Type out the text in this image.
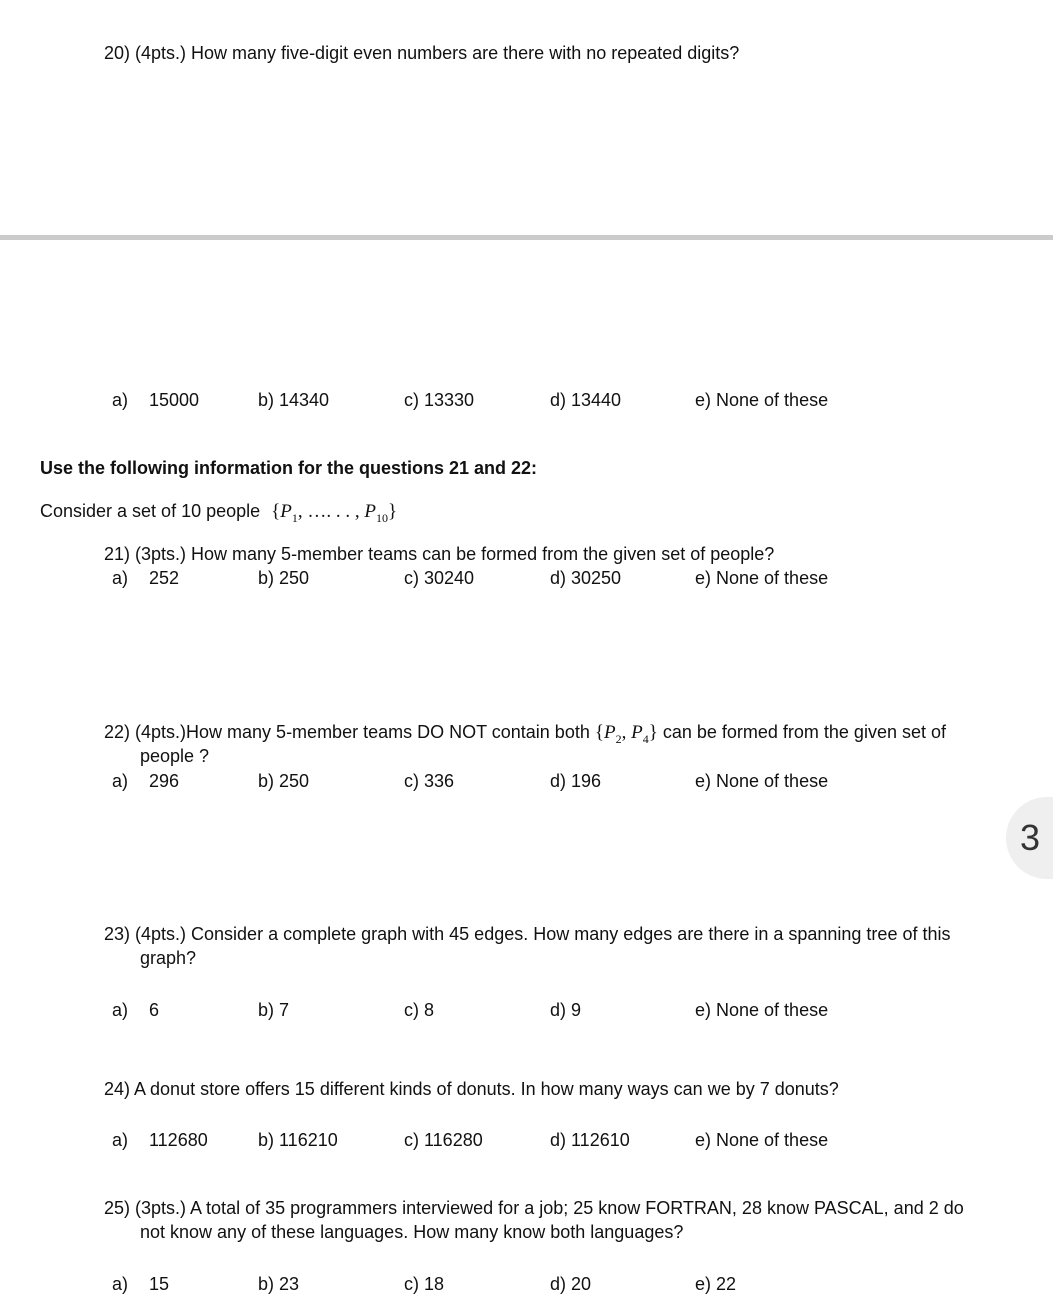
20) (4pts.) How many five-digit even numbers are there with no repeated digits?
a) 15000	b) 14340	c) 13330	d) 13440	e) None of these
Use the following information for the questions 21 and 22:
Consider a set of 10 people {$P_1$, …. . . , $P_{10}$}
21) (3pts.) How many 5-member teams can be formed from the given set of people?
a) 252	b) 250	c) 30240	d) 30250	e) None of these
22) (4pts.)How many 5-member teams DO NOT contain both {$P_2$, $P_4$} can be formed from the given set of
people ?
a) 296	b) 250	c) 336	d) 196	e) None of these
3
23) (4pts.) Consider a complete graph with 45 edges. How many edges are there in a spanning tree of this
graph?
a) 6	b) 7	c) 8	d) 9	e) None of these
24) A donut store offers 15 different kinds of donuts. In how many ways can we by 7 donuts?
a) 112680	b) 116210	c) 116280	d) 112610	e) None of these
25) (3pts.) A total of 35 programmers interviewed for a job; 25 know FORTRAN, 28 know PASCAL, and 2 do
not know any of these languages. How many know both languages?
a) 15	b) 23	c) 18	d) 20	e) 22
